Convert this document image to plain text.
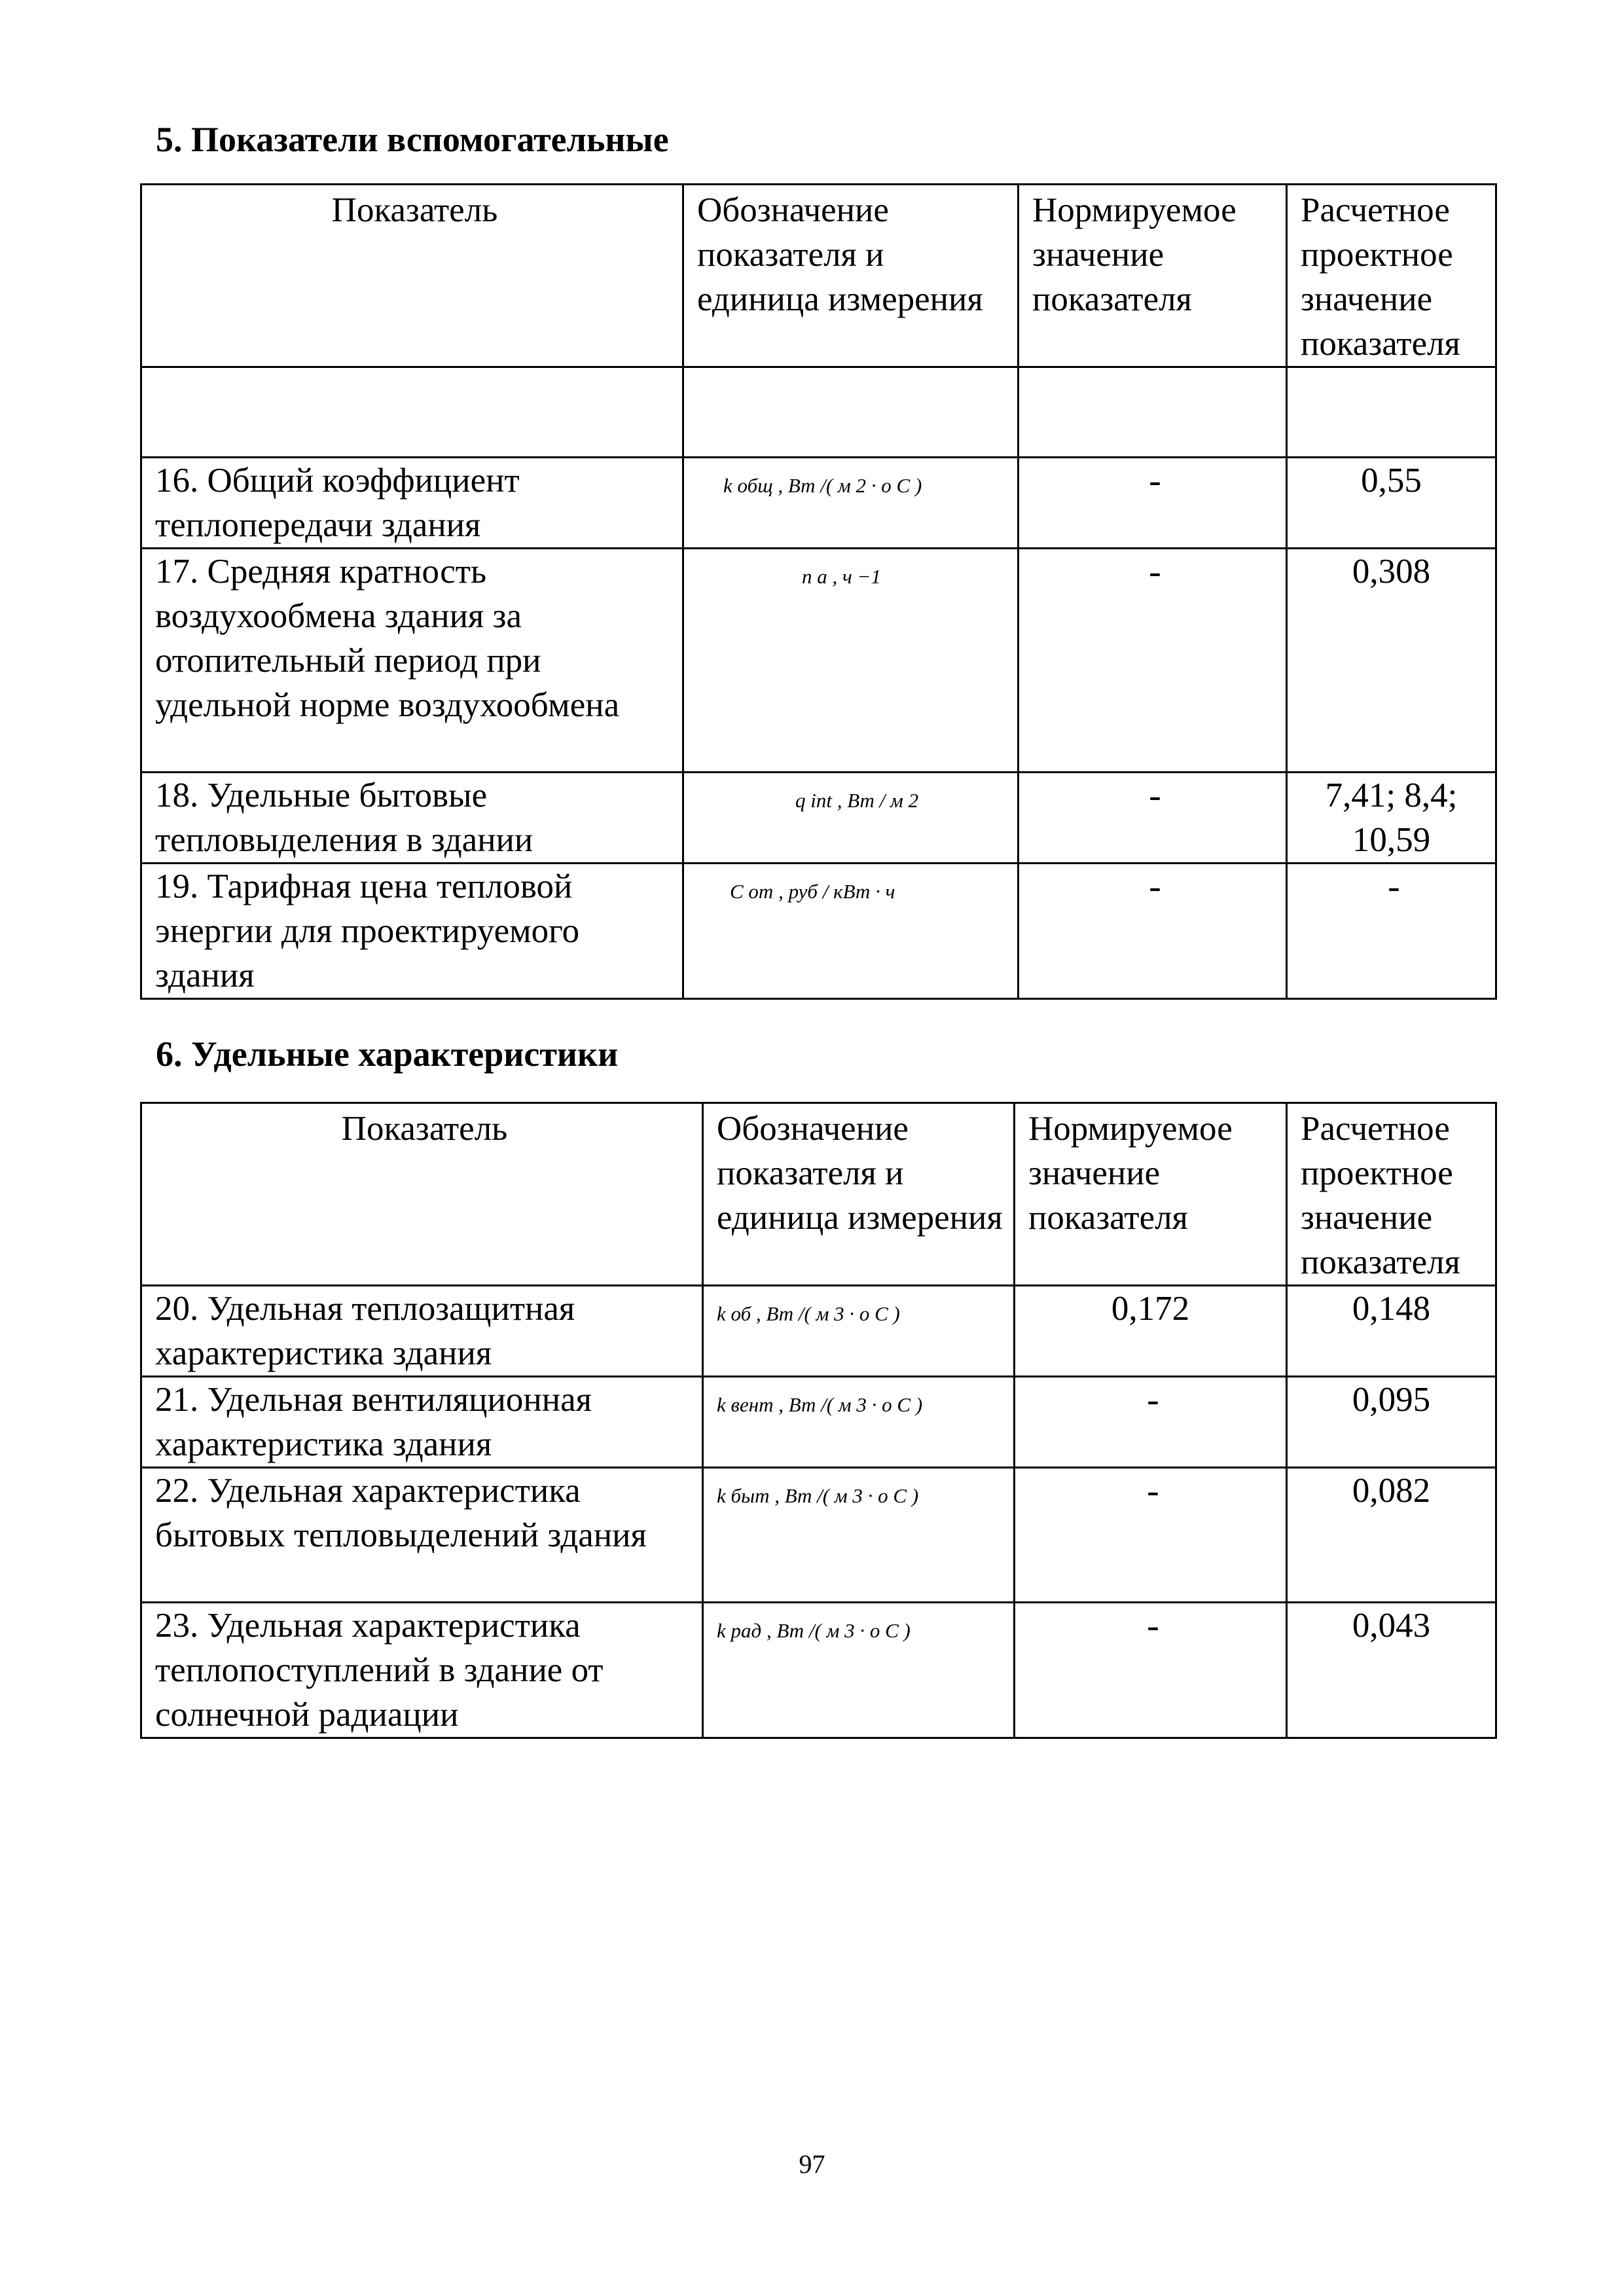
5. Показатели вспомогательные
Показатель	Обозначение показателя и единица измерения	Нормируемое значение показателя	Расчетное проектное значение показателя

16. Общий коэффициент теплопередачи здания	k общ , Вт /( м 2 · o C )	-	0,55
17. Средняя кратность воздухообмена здания за отопительный период при удельной норме воздухообмена	n а , ч −1	-	0,308
18. Удельные бытовые тепловыделения в здании	q int , Вт / м 2	-	7,41; 8,4; 10,59
19. Тарифная цена тепловой энергии для проектируемого здания	С от , руб / кВт · ч	-	-
6. Удельные характеристики
Показатель	Обозначение показателя и единица измерения	Нормируемое значение показателя	Расчетное проектное значение показателя
20. Удельная теплозащитная характеристика здания	k об , Вт /( м 3 · o C )	0,172	0,148
21. Удельная вентиляционная характеристика здания	k вент , Вт /( м 3 · o C )	-	0,095
22. Удельная характеристика бытовых тепловыделений здания	k быт , Вт /( м 3 · o C )	-	0,082
23. Удельная характеристика теплопоступлений в здание от солнечной радиации	k рад , Вт /( м 3 · o C )	-	0,043
97
